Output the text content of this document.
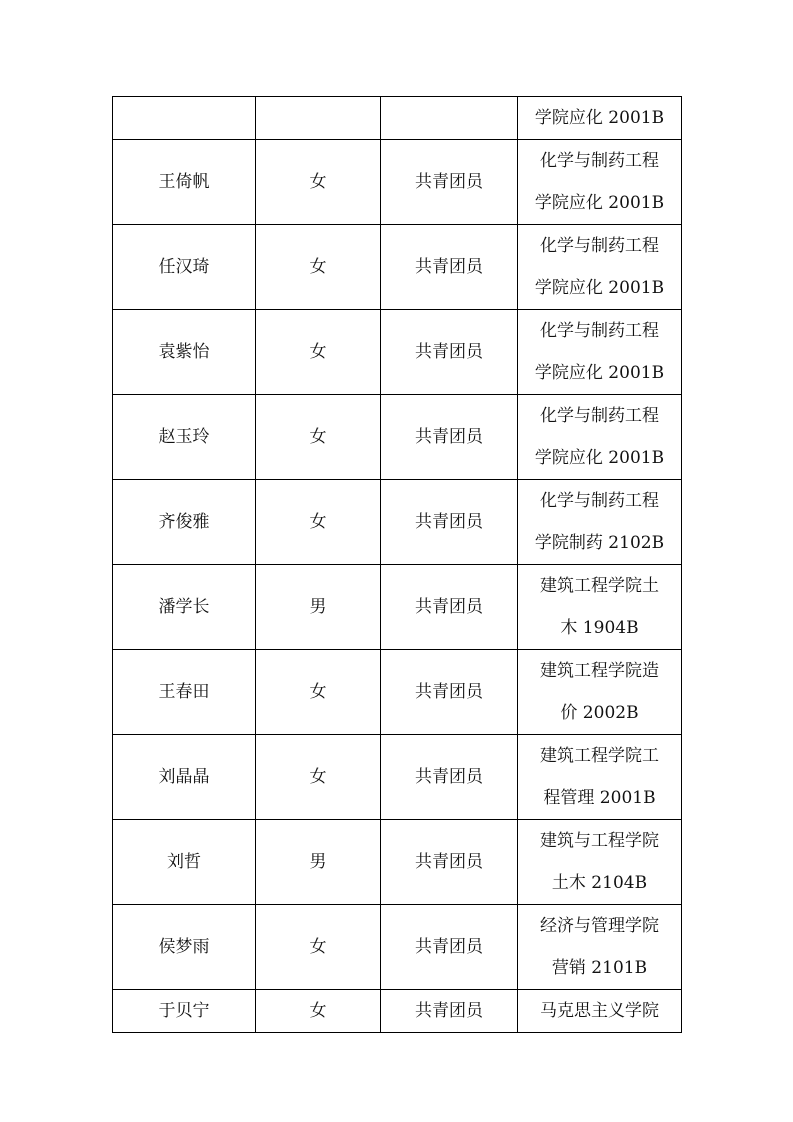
			学院应化 2001B

王倚帆	女	共青团员	化学与制药工程
学院应化 2001B

任汉琦	女	共青团员	化学与制药工程
学院应化 2001B

袁紫怡	女	共青团员	化学与制药工程
学院应化 2001B

赵玉玲	女	共青团员	化学与制药工程
学院应化 2001B

齐俊雅	女	共青团员	化学与制药工程
学院制药 2102B

潘学长	男	共青团员	建筑工程学院土
木 1904B

王春田	女	共青团员	建筑工程学院造
价 2002B

刘晶晶	女	共青团员	建筑工程学院工
程管理 2001B

刘哲	男	共青团员	建筑与工程学院
土木 2104B

侯梦雨	女	共青团员	经济与管理学院
营销 2101B

于贝宁	女	共青团员	马克思主义学院
